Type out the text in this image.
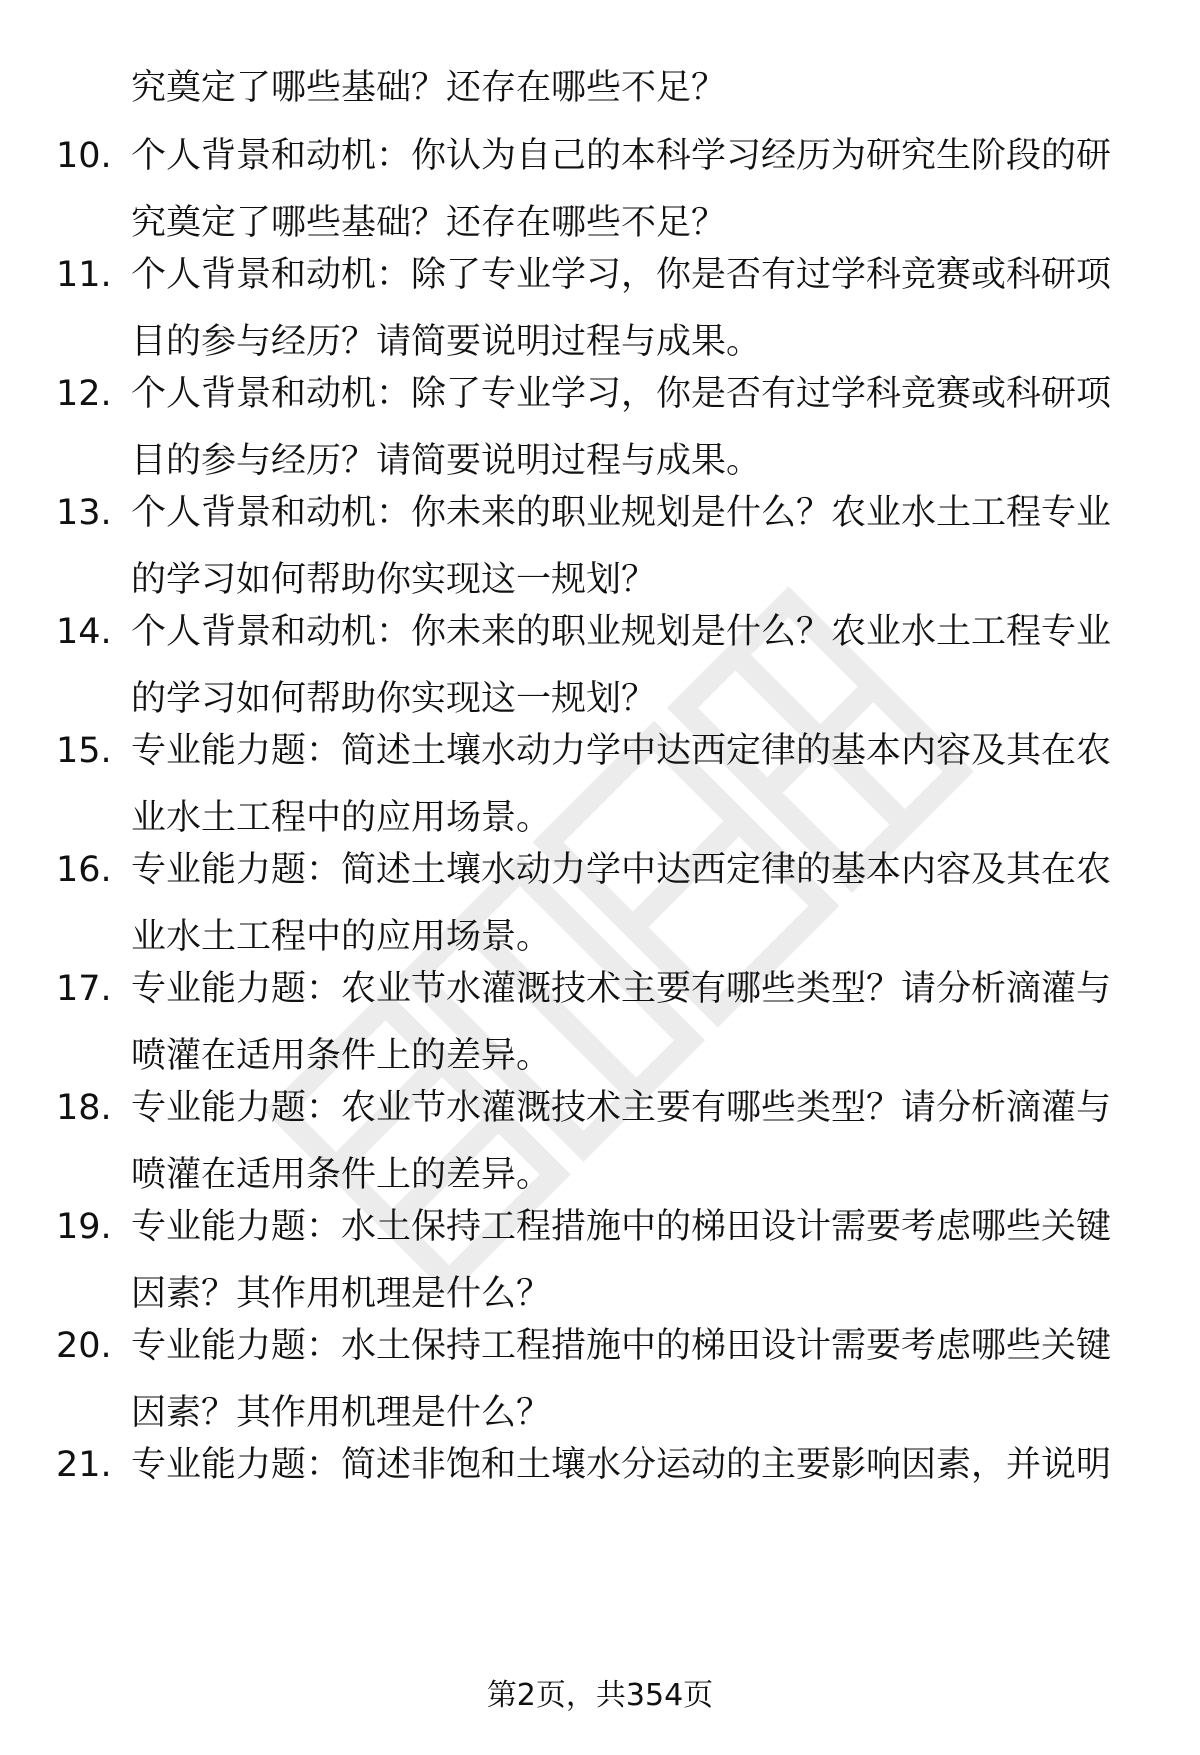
究奠定了哪些基础？还存在哪些不足？
10. 个人背景和动机：你认为自己的本科学习经历为研究生阶段的研
究奠定了哪些基础？还存在哪些不足？
11. 个人背景和动机：除了专业学习，你是否有过学科竞赛或科研项
目的参与经历？请简要说明过程与成果。
12. 个人背景和动机：除了专业学习，你是否有过学科竞赛或科研项
目的参与经历？请简要说明过程与成果。
13. 个人背景和动机：你未来的职业规划是什么？农业水土工程专业
的学习如何帮助你实现这一规划？
14. 个人背景和动机：你未来的职业规划是什么？农业水土工程专业
的学习如何帮助你实现这一规划？
15. 专业能力题：简述土壤水动力学中达西定律的基本内容及其在农
业水土工程中的应用场景。
16. 专业能力题：简述土壤水动力学中达西定律的基本内容及其在农
业水土工程中的应用场景。
17. 专业能力题：农业节水灌溉技术主要有哪些类型？请分析滴灌与
喷灌在适用条件上的差异。
18. 专业能力题：农业节水灌溉技术主要有哪些类型？请分析滴灌与
喷灌在适用条件上的差异。
19. 专业能力题：水土保持工程措施中的梯田设计需要考虑哪些关键
因素？其作用机理是什么？
20. 专业能力题：水土保持工程措施中的梯田设计需要考虑哪些关键
因素？其作用机理是什么？
21. 专业能力题：简述非饱和土壤水分运动的主要影响因素，并说明
第2页，共354页
